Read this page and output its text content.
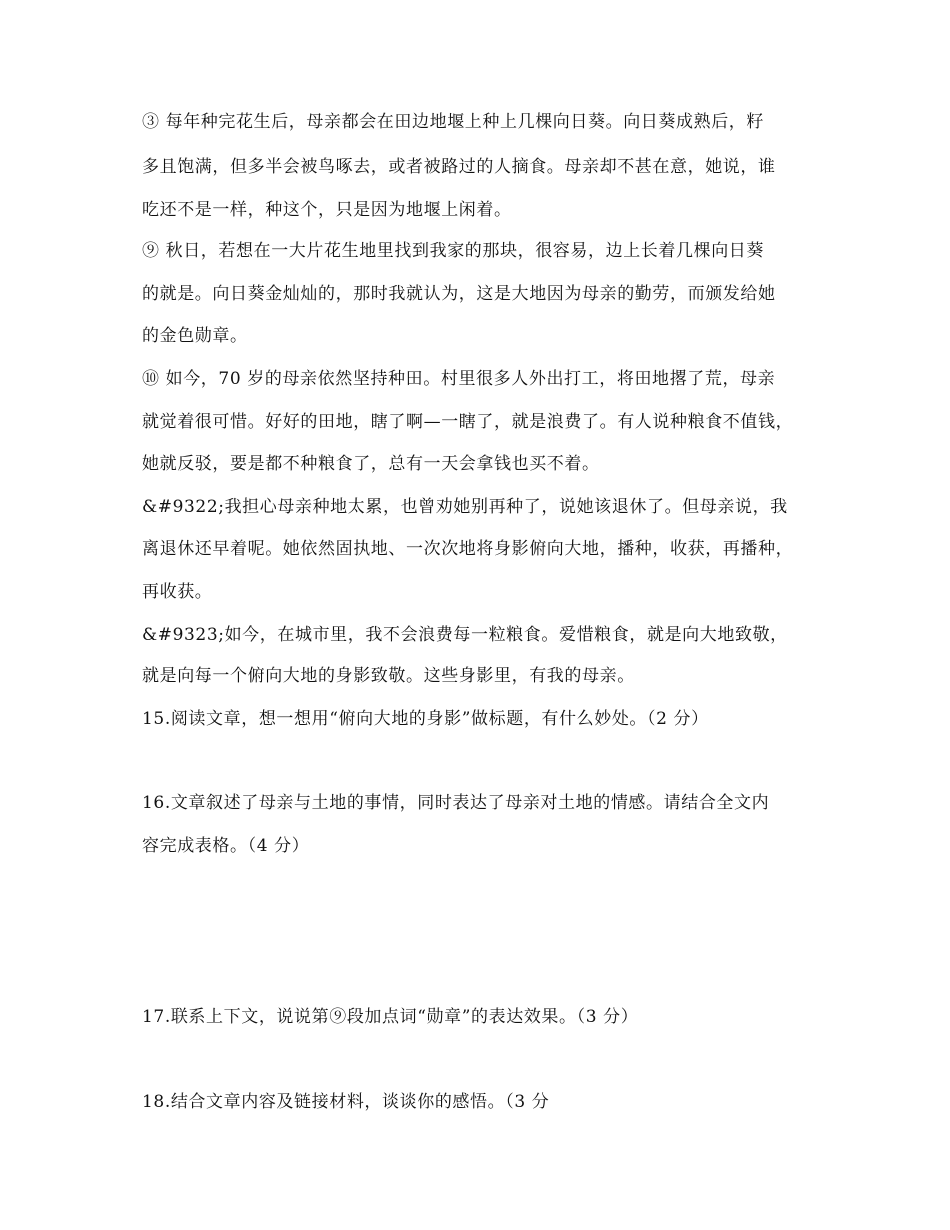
③ 每年种完花生后，母亲都会在田边地堰上种上几棵向日葵。向日葵成熟后，籽
多且饱满，但多半会被鸟啄去，或者被路过的人摘食。母亲却不甚在意，她说，谁
吃还不是一样，种这个，只是因为地堰上闲着。
⑨ 秋日，若想在一大片花生地里找到我家的那块，很容易，边上长着几棵向日葵
的就是。向日葵金灿灿的，那时我就认为，这是大地因为母亲的勤劳，而颁发给她
的金色勋章。
⑩ 如今，70 岁的母亲依然坚持种田。村里很多人外出打工，将田地撂了荒，母亲
就觉着很可惜。好好的田地，瞎了啊—一瞎了，就是浪费了。有人说种粮食不值钱，
她就反驳，要是都不种粮食了，总有一天会拿钱也买不着。
&#9322;我担心母亲种地太累，也曾劝她别再种了，说她该退休了。但母亲说，我
离退休还早着呢。她依然固执地、一次次地将身影俯向大地，播种，收获，再播种，
再收获。
&#9323;如今，在城市里，我不会浪费每一粒粮食。爱惜粮食，就是向大地致敬，
就是向每一个俯向大地的身影致敬。这些身影里，有我的母亲。
15.阅读文章，想一想用“俯向大地的身影”做标题，有什么妙处。（2 分）
16.文章叙述了母亲与土地的事情，同时表达了母亲对土地的情感。请结合全文内
容完成表格。（4 分）
17.联系上下文，说说第⑨段加点词“勋章”的表达效果。（3 分）
18.结合文章内容及链接材料，谈谈你的感悟。（3 分
